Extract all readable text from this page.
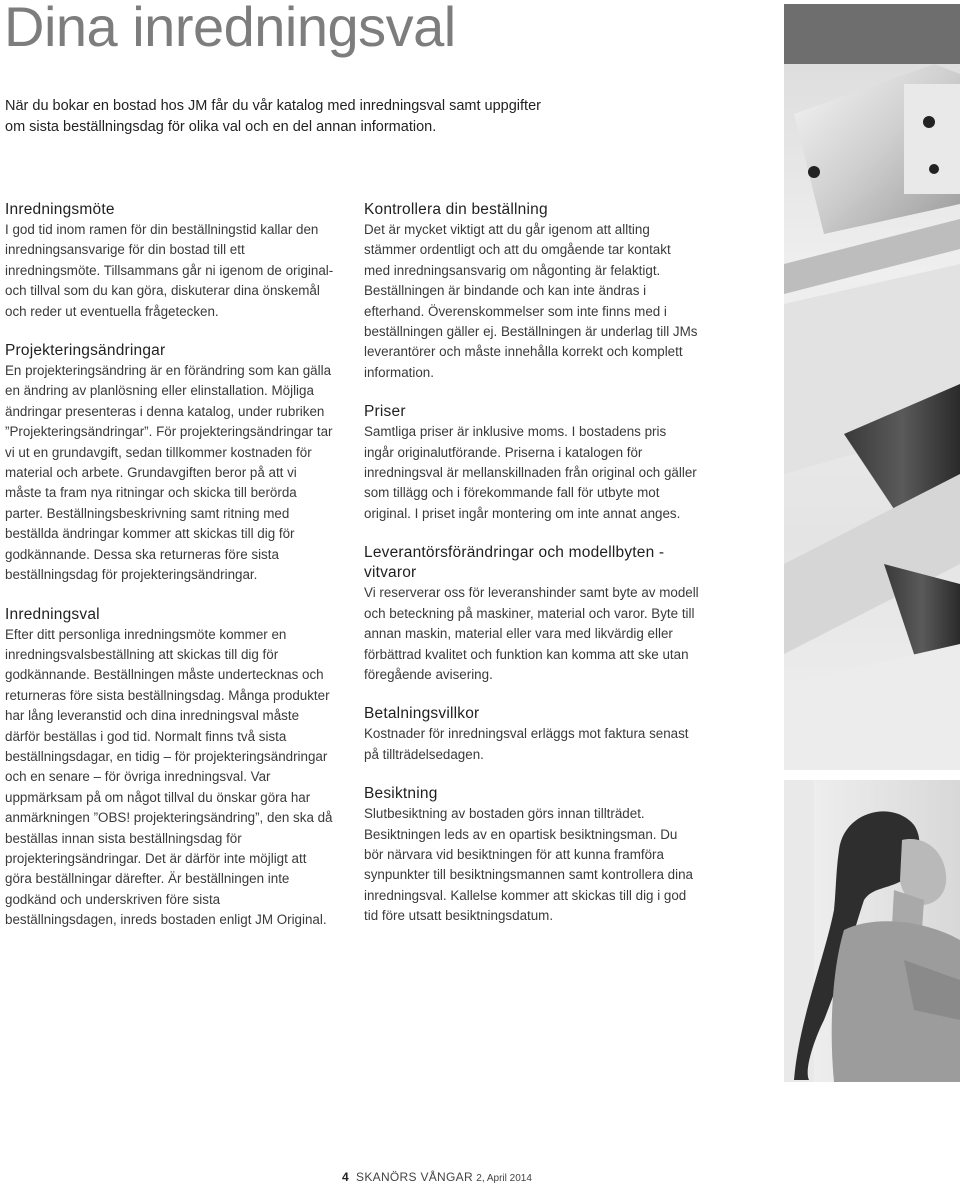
Dina inredningsval

När du bokar en bostad hos JM får du vår katalog med inredningsval samt uppgifter om sista beställningsdag för olika val och en del annan information.

Inredningsmöte

I god tid inom ramen för din beställningstid kallar den inredningsansvarige för din bostad till ett inredningsmöte. Tillsammans går ni igenom de original- och tillval som du kan göra, diskuterar dina önskemål och reder ut eventuella frågetecken.

Projekteringsändringar

En projekteringsändring är en förändring som kan gälla en ändring av planlösning eller elinstallation. Möjliga ändringar presenteras i denna katalog, under rubriken ”Projekteringsändringar”. För projekteringsändringar tar vi ut en grundavgift, sedan tillkommer kostnaden för material och arbete. Grundavgiften beror på att vi måste ta fram nya ritningar och skicka till berörda parter. Beställningsbeskrivning samt ritning med beställda ändringar kommer att skickas till dig för godkännande. Dessa ska returneras före sista beställningsdag för projekteringsändringar.

Inredningsval

Efter ditt personliga inredningsmöte kommer en inredningsvalsbeställning att skickas till dig för godkännande. Beställningen måste undertecknas och returneras före sista beställningsdag. Många produkter har lång leveranstid och dina inredningsval måste därför beställas i god tid. Normalt finns två sista beställningsdagar, en tidig – för projekteringsändringar och en senare – för övriga inredningsval. Var uppmärksam på om något tillval du önskar göra har anmärkningen ”OBS! projekteringsändring”, den ska då beställas innan sista beställningsdag för projekteringsändringar. Det är därför inte möjligt att göra beställningar därefter. Är beställningen inte godkänd och underskriven före sista beställningsdagen, inreds bostaden enligt JM Original.

Kontrollera din beställning

Det är mycket viktigt att du går igenom att allting stämmer ordentligt och att du omgående tar kontakt med inredningsansvarig om någonting är felaktigt. Beställningen är bindande och kan inte ändras i efterhand. Överenskommelser som inte finns med i beställningen gäller ej. Beställningen är underlag till JMs leverantörer och måste innehålla korrekt och komplett information.

Priser

Samtliga priser är inklusive moms. I bostadens pris ingår originalutförande. Priserna i katalogen för inredningsval är mellanskillnaden från original och gäller som tillägg och i förekommande fall för utbyte mot original. I priset ingår montering om inte annat anges.

Leverantörsförändringar och modellbyten - vitvaror

Vi reserverar oss för leveranshinder samt byte av modell och beteckning på maskiner, material och varor. Byte till annan maskin, material eller vara med likvärdig eller förbättrad kvalitet och funktion kan komma att ske utan föregående avisering.

Betalningsvillkor

Kostnader för inredningsval erläggs mot faktura senast på tillträdelsedagen.

Besiktning

Slutbesiktning av bostaden görs innan tillträdet. Besiktningen leds av en opartisk besiktningsman. Du bör närvara vid besiktningen för att kunna framföra synpunkter till besiktningsmannen samt kontrollera dina inredningsval. Kallelse kommer att skickas till dig i god tid före utsatt besiktningsdatum.

4 SKANÖRS VÅNGAR 2, April 2014
